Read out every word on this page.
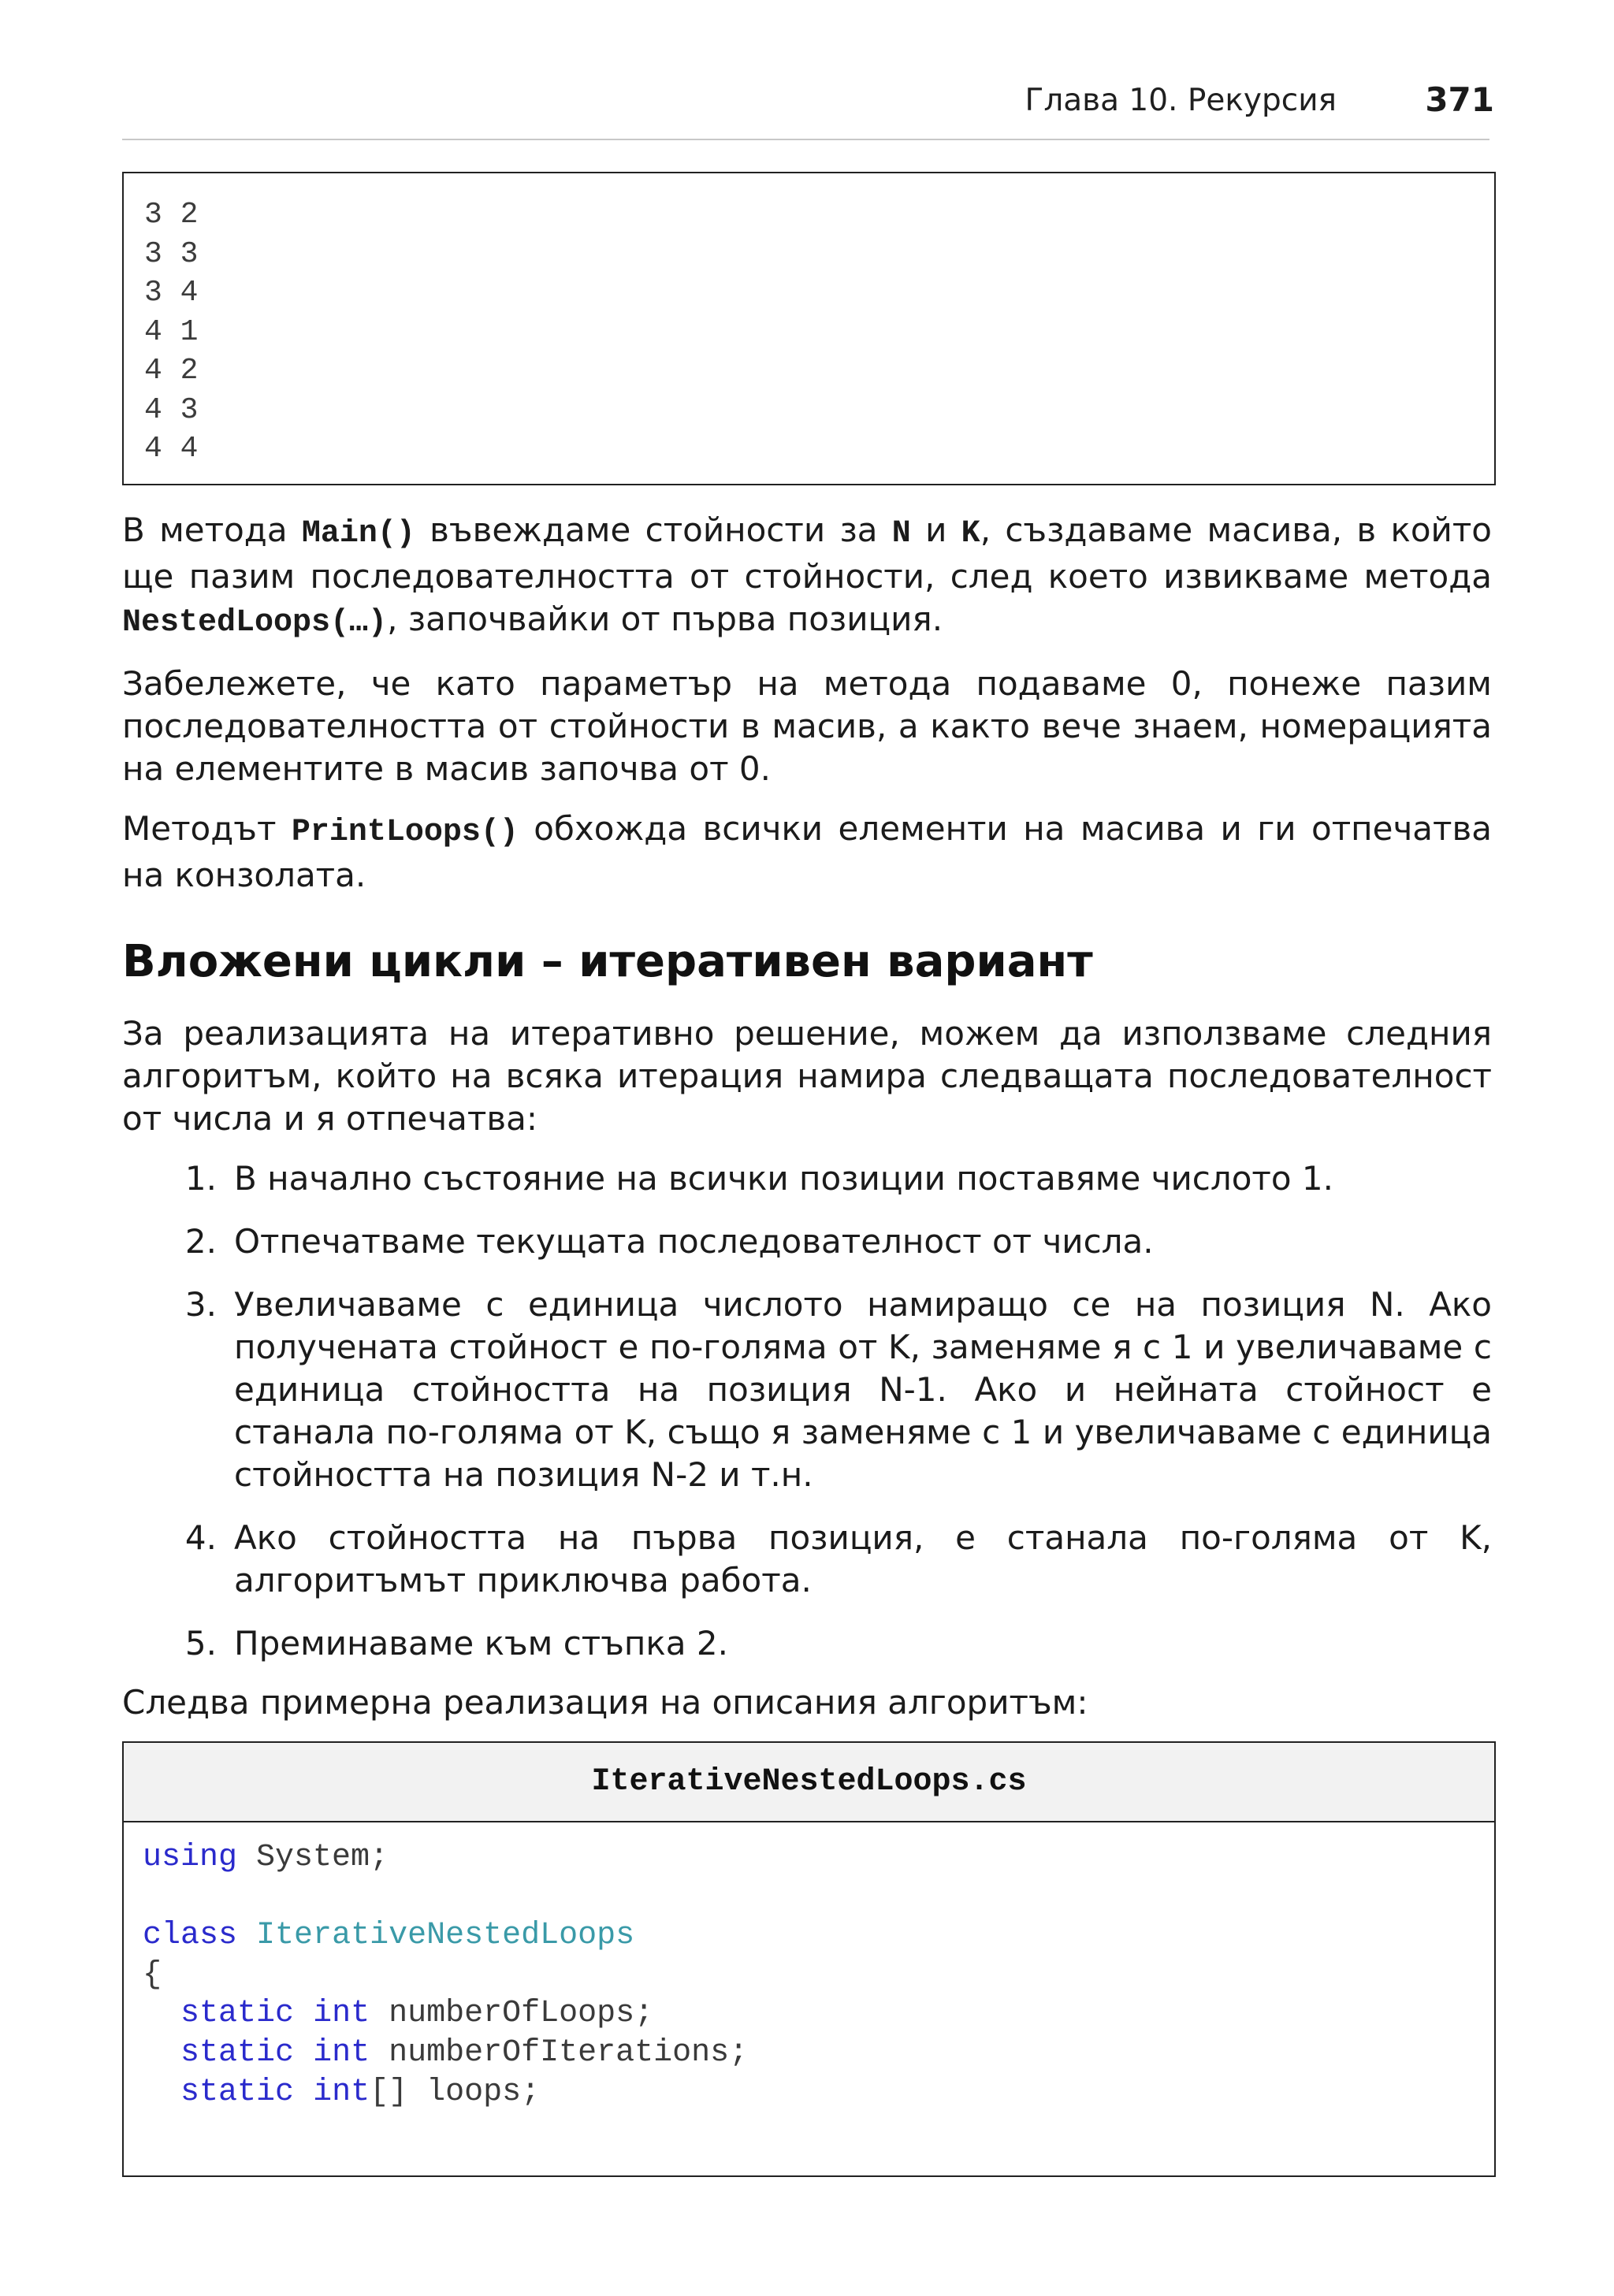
Глава 10. Рекурсия	371
3 2
3 3
3 4
4 1
4 2
4 3
4 4
В метода Main() въвеждаме стойности за N и K, създаваме масива, в който ще пазим последователността от стойности, след което извикваме метода NestedLoops(…), започвайки от първа позиция.
Забележете, че като параметър на метода подаваме 0, понеже пазим последователността от стойности в масив, а както вече знаем, номерацията на елементите в масив започва от 0.
Методът PrintLoops() обхожда всички елементи на масива и ги отпечатва на конзолата.
Вложени цикли – итеративен вариант
За реализацията на итеративно решение, можем да използваме следния алгоритъм, който на всяка итерация намира следващата последователност от числа и я отпечатва:
1. В начално състояние на всички позиции поставяме числото 1.
2. Отпечатваме текущата последователност от числа.
3. Увеличаваме с единица числото намиращо се на позиция N. Ако получената стойност е по-голяма от K, заменяме я с 1 и увеличаваме с единица стойността на позиция N-1. Ако и нейната стойност е станала по-голяма от K, също я заменяме с 1 и увеличаваме с единица стойността на позиция N-2 и т.н.
4. Ако стойността на първа позиция, е станала по-голяма от K, алгоритъмът приключва работа.
5. Преминаваме към стъпка 2.
Следва примерна реализация на описания алгоритъм:
IterativeNestedLoops.cs
using System;

class IterativeNestedLoops
{
static int numberOfLoops;
static int numberOfIterations;
static int[] loops;
